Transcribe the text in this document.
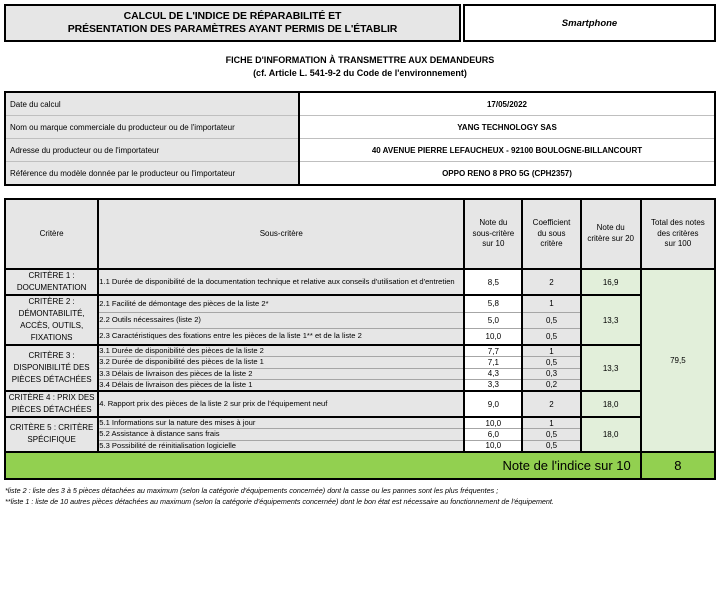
CALCUL DE L'INDICE DE RÉPARABILITÉ ET
PRÉSENTATION DES PARAMÈTRES AYANT PERMIS DE L'ÉTABLIR	Smartphone
FICHE D'INFORMATION À TRANSMETTRE AUX DEMANDEURS
(cf. Article L. 541-9-2 du Code de l'environnement)
Date du calcul	17/05/2022
Nom ou marque commerciale du producteur ou de l'importateur	YANG TECHNOLOGY SAS
Adresse du producteur ou de l'importateur	40 AVENUE PIERRE LEFAUCHEUX - 92100 BOULOGNE-BILLANCOURT
Référence du modèle donnée par le producteur ou l'importateur	OPPO RENO 8 PRO 5G (CPH2357)
Critère	Sous-critère	
Note du
sous-critère
sur 10

Coefficient
du sous
critère

Note du
critère sur 20

Total des notes
des critères
sur 100

CRITÈRE 1 :
DOCUMENTATION	1.1 Durée de disponibilité de la documentation technique et relative aux conseils d'utilisation et d'entretien	8,5	2	16,9	79,5

CRITÈRE 2 :
DÉMONTABILITÉ,
ACCÈS, OUTILS,
FIXATIONS	2.1 Facilité de démontage des pièces de la liste 2*	5,8	1	13,3	
	2.2 Outils nécessaires (liste 2)	5,0	0,5		
	2.3 Caractéristiques des fixations entre les pièces de la liste 1** et de la liste 2	10,0	0,5		

CRITÈRE 3 :
DISPONIBILITÉ DES
PIÈCES DÉTACHÉES	3.1 Durée de disponibilité des pièces de la liste 2	7,7	1	13,3	
	3.2 Durée de disponibilité des pièces de la liste 1	7,1	0,5		
	3.3 Délais de livraison des pièces de la liste 2	4,3	0,3		
	3.4 Délais de livraison des pièces de la liste 1	3,3	0,2		

CRITÈRE 4 : PRIX DES
PIÈCES DÉTACHÉES	4. Rapport prix des pièces de la liste 2 sur prix de l'équipement neuf	9,0	2	18,0	

CRITÈRE 5 : CRITÈRE
SPÉCIFIQUE	5.1 Informations sur la nature des mises à jour	10,0	1	18,0	
	5.2 Assistance à distance sans frais	6,0	0,5		
	5.3 Possibilité de réinitialisation logicielle	10,0	0,5		
Note de l'indice sur 10					8
*liste 2 : liste des 3 à 5 pièces détachées au maximum (selon la catégorie d'équipements concernée) dont la casse ou les pannes sont les plus fréquentes ;
**liste 1 : liste de 10 autres pièces détachées au maximum (selon la catégorie d'équipements concernée) dont le bon état est nécessaire au fonctionnement de l'équipement.
